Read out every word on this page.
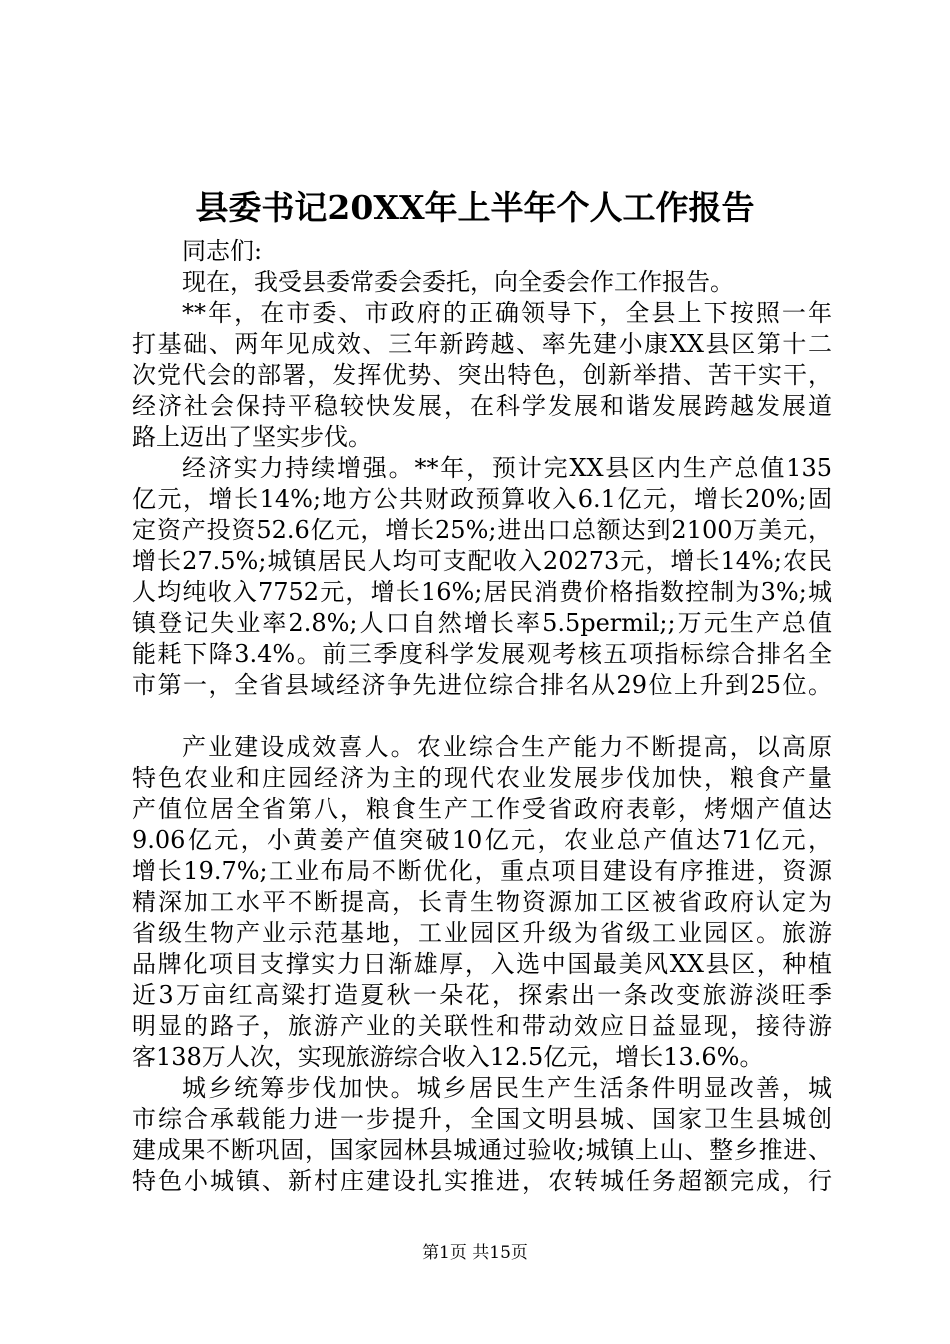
县委书记20XX年上半年个人工作报告
同志们:
现在，我受县委常委会委托，向全委会作工作报告。
**年，在市委、市政府的正确领导下，全县上下按照一年
打基础、两年见成效、三年新跨越、率先建小康XX县区第十二
次党代会的部署，发挥优势、突出特色，创新举措、苦干实干，
经济社会保持平稳较快发展，在科学发展和谐发展跨越发展道
路上迈出了坚实步伐。
经济实力持续增强。**年，预计完XX县区内生产总值135
亿元，增长14%;地方公共财政预算收入6.1亿元，增长20%;固
定资产投资52.6亿元，增长25%;进出口总额达到2100万美元，
增长27.5%;城镇居民人均可支配收入20273元，增长14%;农民
人均纯收入7752元，增长16%;居民消费价格指数控制为3%;城
镇登记失业率2.8%;人口自然增长率5.5permil;;万元生产总值
能耗下降3.4%。前三季度科学发展观考核五项指标综合排名全
市第一，全省县域经济争先进位综合排名从29位上升到25位。
产业建设成效喜人。农业综合生产能力不断提高，以高原
特色农业和庄园经济为主的现代农业发展步伐加快，粮食产量
产值位居全省第八，粮食生产工作受省政府表彰，烤烟产值达
9.06亿元，小黄姜产值突破10亿元，农业总产值达71亿元，
增长19.7%;工业布局不断优化，重点项目建设有序推进，资源
精深加工水平不断提高，长青生物资源加工区被省政府认定为
省级生物产业示范基地，工业园区升级为省级工业园区。旅游
品牌化项目支撑实力日渐雄厚，入选中国最美风XX县区，种植
近3万亩红高粱打造夏秋一朵花，探索出一条改变旅游淡旺季
明显的路子，旅游产业的关联性和带动效应日益显现，接待游
客138万人次，实现旅游综合收入12.5亿元，增长13.6%。
城乡统筹步伐加快。城乡居民生产生活条件明显改善，城
市综合承载能力进一步提升，全国文明县城、国家卫生县城创
建成果不断巩固，国家园林县城通过验收;城镇上山、整乡推进、
特色小城镇、新村庄建设扎实推进，农转城任务超额完成，行
第1页 共15页
